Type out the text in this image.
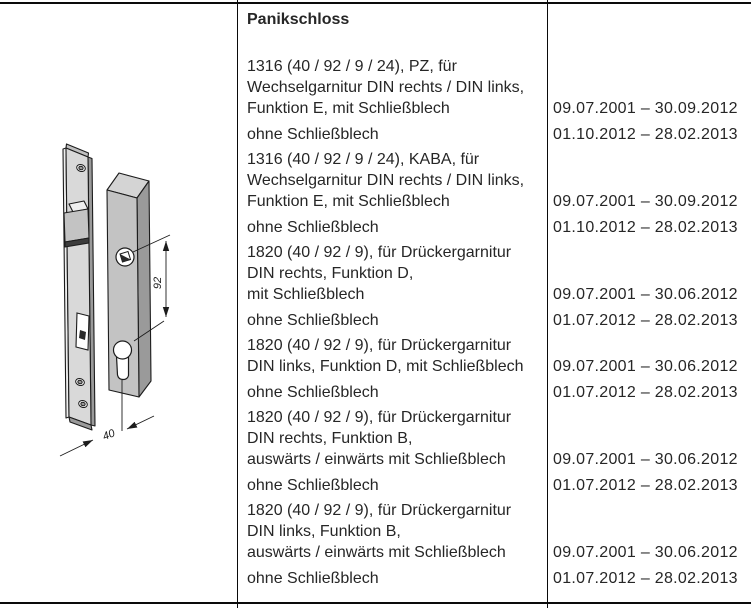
92
40
Panikschloss
1316 (40 / 92 / 9 / 24), PZ, für
Wechselgarnitur DIN rechts / DIN links,
Funktion E, mit Schließblech	09.07.2001 – 30.09.2012
ohne Schließblech	01.10.2012 – 28.02.2013
1316 (40 / 92 / 9 / 24), KABA, für
Wechselgarnitur DIN rechts / DIN links,
Funktion E, mit Schließblech	09.07.2001 – 30.09.2012
ohne Schließblech	01.10.2012 – 28.02.2013
1820 (40 / 92 / 9), für Drückergarnitur
DIN rechts, Funktion D,
mit Schließblech	09.07.2001 – 30.06.2012
ohne Schließblech	01.07.2012 – 28.02.2013
1820 (40 / 92 / 9), für Drückergarnitur
DIN links, Funktion D, mit Schließblech	09.07.2001 – 30.06.2012
ohne Schließblech	01.07.2012 – 28.02.2013
1820 (40 / 92 / 9), für Drückergarnitur
DIN rechts, Funktion B,
auswärts / einwärts mit Schließblech	09.07.2001 – 30.06.2012
ohne Schließblech	01.07.2012 – 28.02.2013
1820 (40 / 92 / 9), für Drückergarnitur
DIN links, Funktion B,
auswärts / einwärts mit Schließblech	09.07.2001 – 30.06.2012
ohne Schließblech	01.07.2012 – 28.02.2013
